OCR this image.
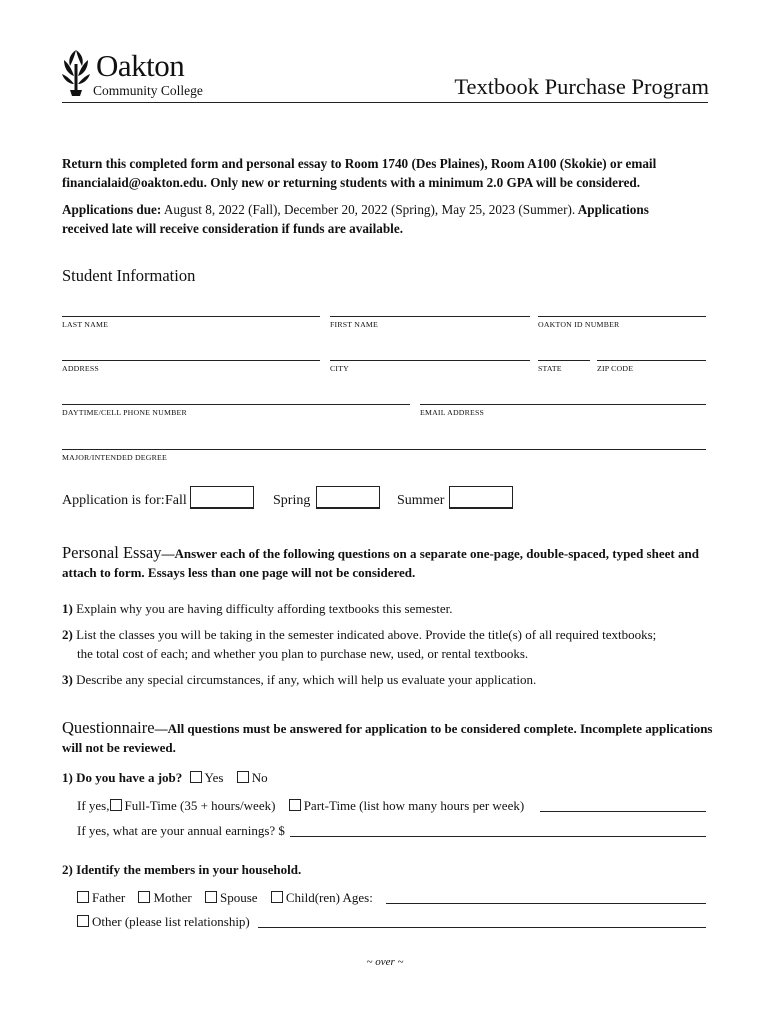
Oakton
Community College	Textbook Purchase Program
Return this completed form and personal essay to Room 1740 (Des Plaines), Room A100 (Skokie) or email
financialaid@oakton.edu. Only new or returning students with a minimum 2.0 GPA will be considered.
Applications due: August 8, 2022 (Fall), December 20, 2022 (Spring), May 25, 2023 (Summer). Applications
received late will receive consideration if funds are available.
Student Information
LAST NAME	FIRST NAME	OAKTON ID NUMBER
ADDRESS	CITY	STATE	ZIP CODE
DAYTIME/CELL PHONE NUMBER	EMAIL ADDRESS
MAJOR/INTENDED DEGREE
Application is for: Fall	Spring	Summer
Personal Essay—Answer each of the following questions on a separate one-page, double-spaced, typed sheet and
attach to form. Essays less than one page will not be considered.
1) Explain why you are having difficulty affording textbooks this semester.
2) List the classes you will be taking in the semester indicated above. Provide the title(s) of all required textbooks;
the total cost of each; and whether you plan to purchase new, used, or rental textbooks.
3) Describe any special circumstances, if any, which will help us evaluate your application.
Questionnaire—All questions must be answered for application to be considered complete. Incomplete applications
will not be reviewed.
1) Do you have a job? Yes No
If yes, Full-Time (35 + hours/week) Part-Time (list how many hours per week)
If yes, what are your annual earnings? $
2) Identify the members in your household.
Father Mother Spouse Child(ren) Ages:
Other (please list relationship)
~ over ~
